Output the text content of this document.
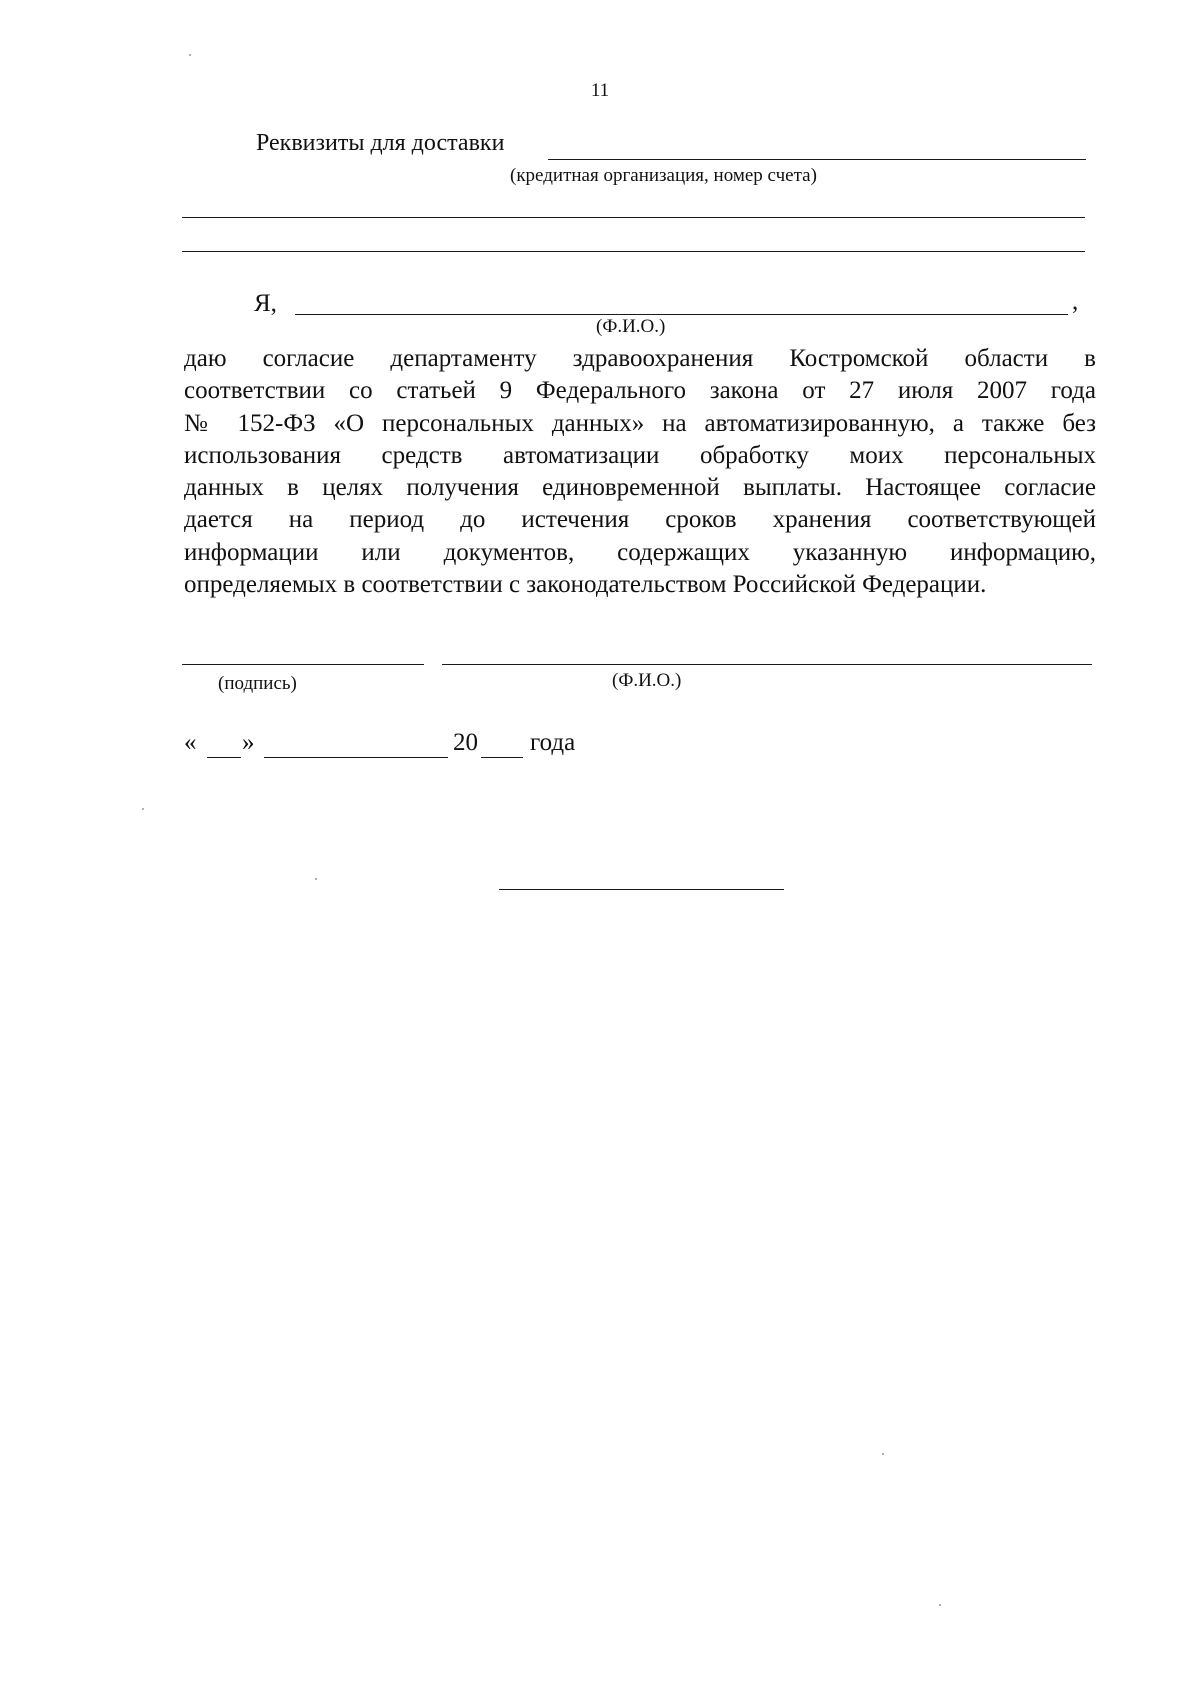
11
Реквизиты для доставки
(кредитная организация, номер счета)
Я,	,
(Ф.И.О.)
даю согласие департаменту здравоохранения Костромской области в
соответствии со статьей 9 Федерального закона от 27 июля 2007 года
№ 152-ФЗ «О персональных данных» на автоматизированную, а также без
использования средств автоматизации обработку моих персональных
данных в целях получения единовременной выплаты. Настоящее согласие
дается на период до истечения сроков хранения соответствующей
информации или документов, содержащих указанную информацию,
определяемых в соответствии с законодательством Российской Федерации.
(подпись)	(Ф.И.О.)
« »	20 года
